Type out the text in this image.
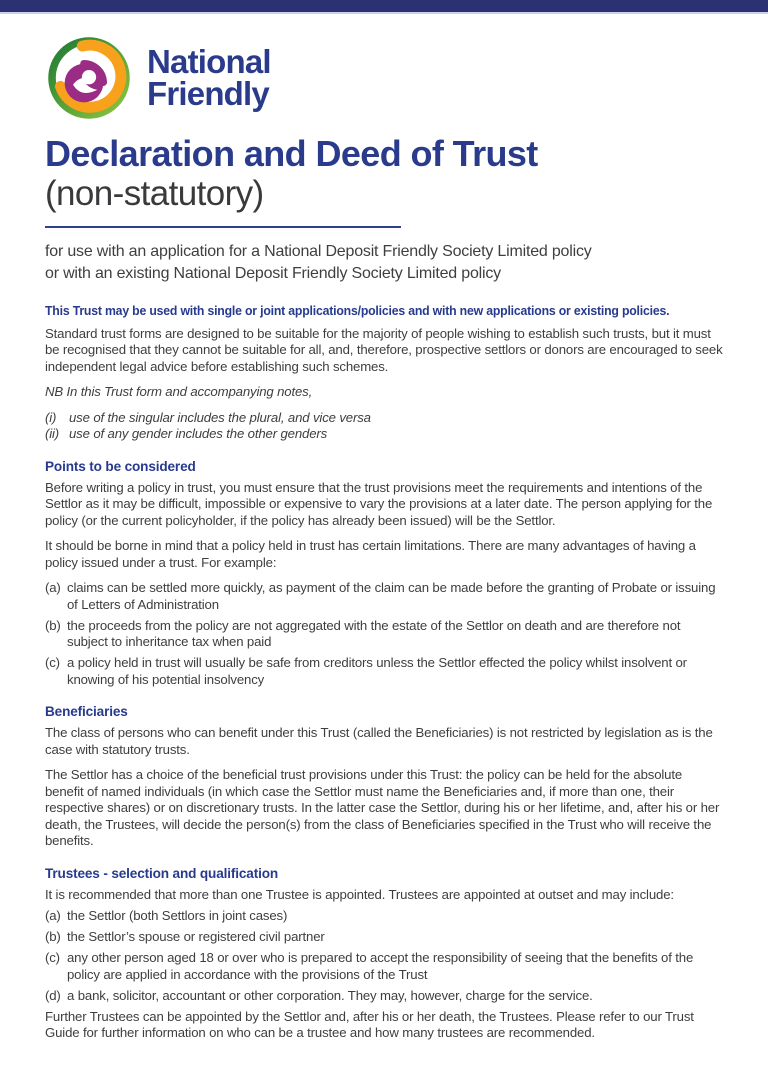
National
Friendly
Declaration and Deed of Trust
(non-statutory)

for use with an application for a National Deposit Friendly Society Limited policy
or with an existing National Deposit Friendly Society Limited policy

This Trust may be used with single or joint applications/policies and with new applications or existing policies.

Standard trust forms are designed to be suitable for the majority of people wishing to establish such trusts, but it must be recognised that they cannot be suitable for all, and, therefore, prospective settlors or donors are encouraged to seek independent legal advice before establishing such schemes.

NB In this Trust form and accompanying notes,

(i) use of the singular includes the plural, and vice versa
(ii) use of any gender includes the other genders
Points to be considered

Before writing a policy in trust, you must ensure that the trust provisions meet the requirements and intentions of the Settlor as it may be difficult, impossible or expensive to vary the provisions at a later date. The person applying for the policy (or the current policyholder, if the policy has already been issued) will be the Settlor.

It should be borne in mind that a policy held in trust has certain limitations. There are many advantages of having a policy issued under a trust. For example:

(a) claims can be settled more quickly, as payment of the claim can be made before the granting of Probate or issuing of Letters of Administration
(b) the proceeds from the policy are not aggregated with the estate of the Settlor on death and are therefore not subject to inheritance tax when paid
(c) a policy held in trust will usually be safe from creditors unless the Settlor effected the policy whilst insolvent or knowing of his potential insolvency
Beneficiaries

The class of persons who can benefit under this Trust (called the Beneficiaries) is not restricted by legislation as is the case with statutory trusts.

The Settlor has a choice of the beneficial trust provisions under this Trust: the policy can be held for the absolute benefit of named individuals (in which case the Settlor must name the Beneficiaries and, if more than one, their respective shares) or on discretionary trusts. In the latter case the Settlor, during his or her lifetime, and, after his or her death, the Trustees, will decide the person(s) from the class of Beneficiaries specified in the Trust who will receive the benefits.

Trustees - selection and qualification

It is recommended that more than one Trustee is appointed. Trustees are appointed at outset and may include:

(a) the Settlor (both Settlors in joint cases)
(b) the Settlor’s spouse or registered civil partner
(c) any other person aged 18 or over who is prepared to accept the responsibility of seeing that the benefits of the policy are applied in accordance with the provisions of the Trust
(d) a bank, solicitor, accountant or other corporation. They may, however, charge for the service.

Further Trustees can be appointed by the Settlor and, after his or her death, the Trustees. Please refer to our Trust Guide for further information on who can be a trustee and how many trustees are recommended.
